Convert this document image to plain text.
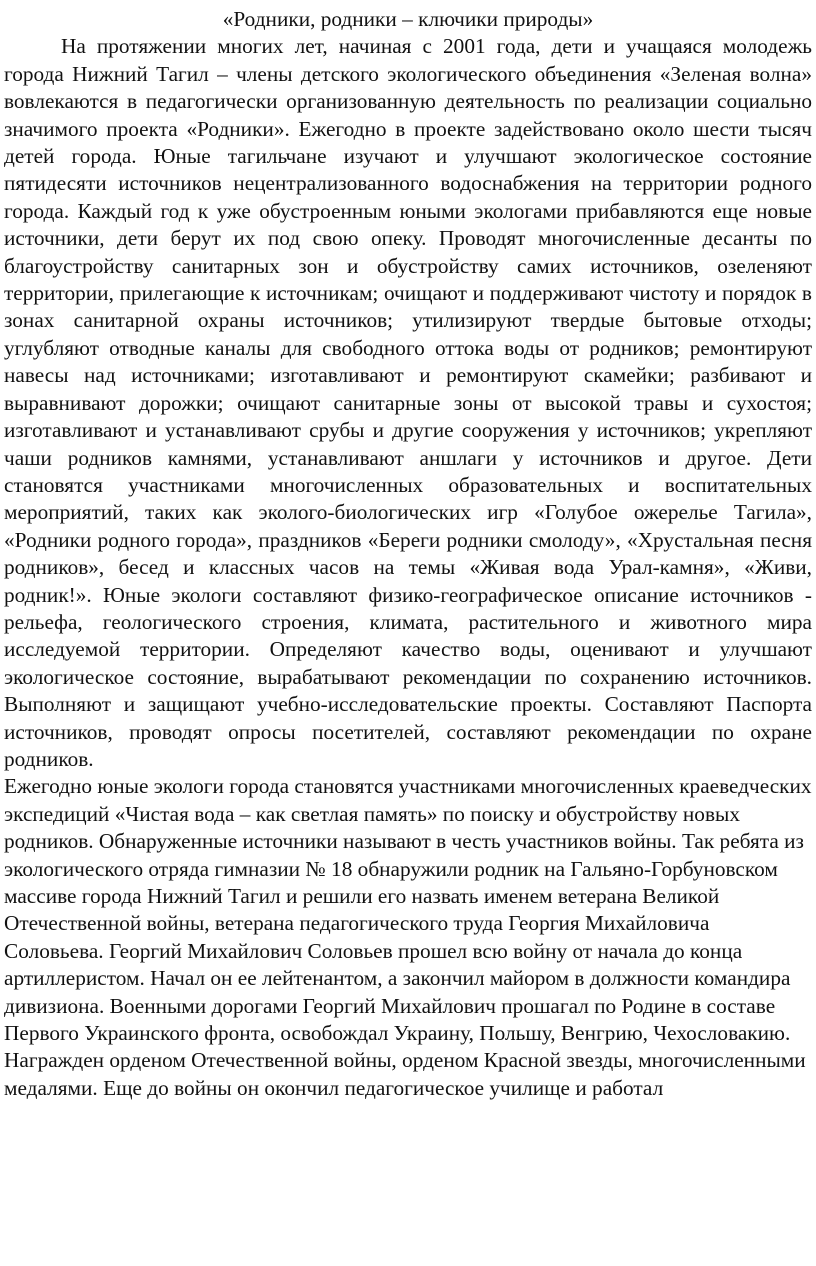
«Родники, родники – ключики природы»

На протяжении многих лет, начиная с 2001 года, дети и учащаяся молодежь города Нижний Тагил – члены детского экологического объединения «Зеленая волна» вовлекаются в педагогически организованную деятельность по реализации социально значимого проекта «Родники». Ежегодно в проекте задействовано около шести тысяч детей города. Юные тагильчане изучают и улучшают экологическое состояние пятидесяти источников нецентрализованного водоснабжения на территории родного города. Каждый год к уже обустроенным юными экологами прибавляются еще новые источники, дети берут их под свою опеку. Проводят многочисленные десанты по благоустройству санитарных зон и обустройству самих источников, озеленяют территории, прилегающие к источникам; очищают и поддерживают чистоту и порядок в зонах санитарной охраны источников; утилизируют твердые бытовые отходы; углубляют отводные каналы для свободного оттока воды от родников; ремонтируют навесы над источниками; изготавливают и ремонтируют скамейки; разбивают и выравнивают дорожки; очищают санитарные зоны от высокой травы и сухостоя; изготавливают и устанавливают срубы и другие сооружения у источников; укрепляют чаши родников камнями, устанавливают аншлаги у источников и другое. Дети становятся участниками многочисленных образовательных и воспитательных мероприятий, таких как эколого-биологических игр «Голубое ожерелье Тагила», «Родники родного города», праздников «Береги родники смолоду», «Хрустальная песня родников», бесед и классных часов на темы «Живая вода Урал-камня», «Живи, родник!». Юные экологи составляют физико-географическое описание источников - рельефа, геологического строения, климата, растительного и животного мира исследуемой территории. Определяют качество воды, оценивают и улучшают экологическое состояние, вырабатывают рекомендации по сохранению источников. Выполняют и защищают учебно-исследовательские проекты. Составляют Паспорта источников, проводят опросы посетителей, составляют рекомендации по охране родников.

Ежегодно юные экологи города становятся участниками многочисленных краеведческих экспедиций «Чистая вода – как светлая память» по поиску и обустройству новых родников. Обнаруженные источники называют в честь участников войны. Так ребята из экологического отряда гимназии № 18 обнаружили родник на Гальяно-Горбуновском массиве города Нижний Тагил и решили его назвать именем ветерана Великой Отечественной войны, ветерана педагогического труда Георгия Михайловича Соловьева. Георгий Михайлович Соловьев прошел всю войну от начала до конца артиллеристом. Начал он ее лейтенантом, а закончил майором в должности командира дивизиона. Военными дорогами Георгий Михайлович прошагал по Родине в составе Первого Украинского фронта, освобождал Украину, Польшу, Венгрию, Чехословакию. Награжден орденом Отечественной войны, орденом Красной звезды, многочисленными медалями. Еще до войны он окончил педагогическое училище и работал
